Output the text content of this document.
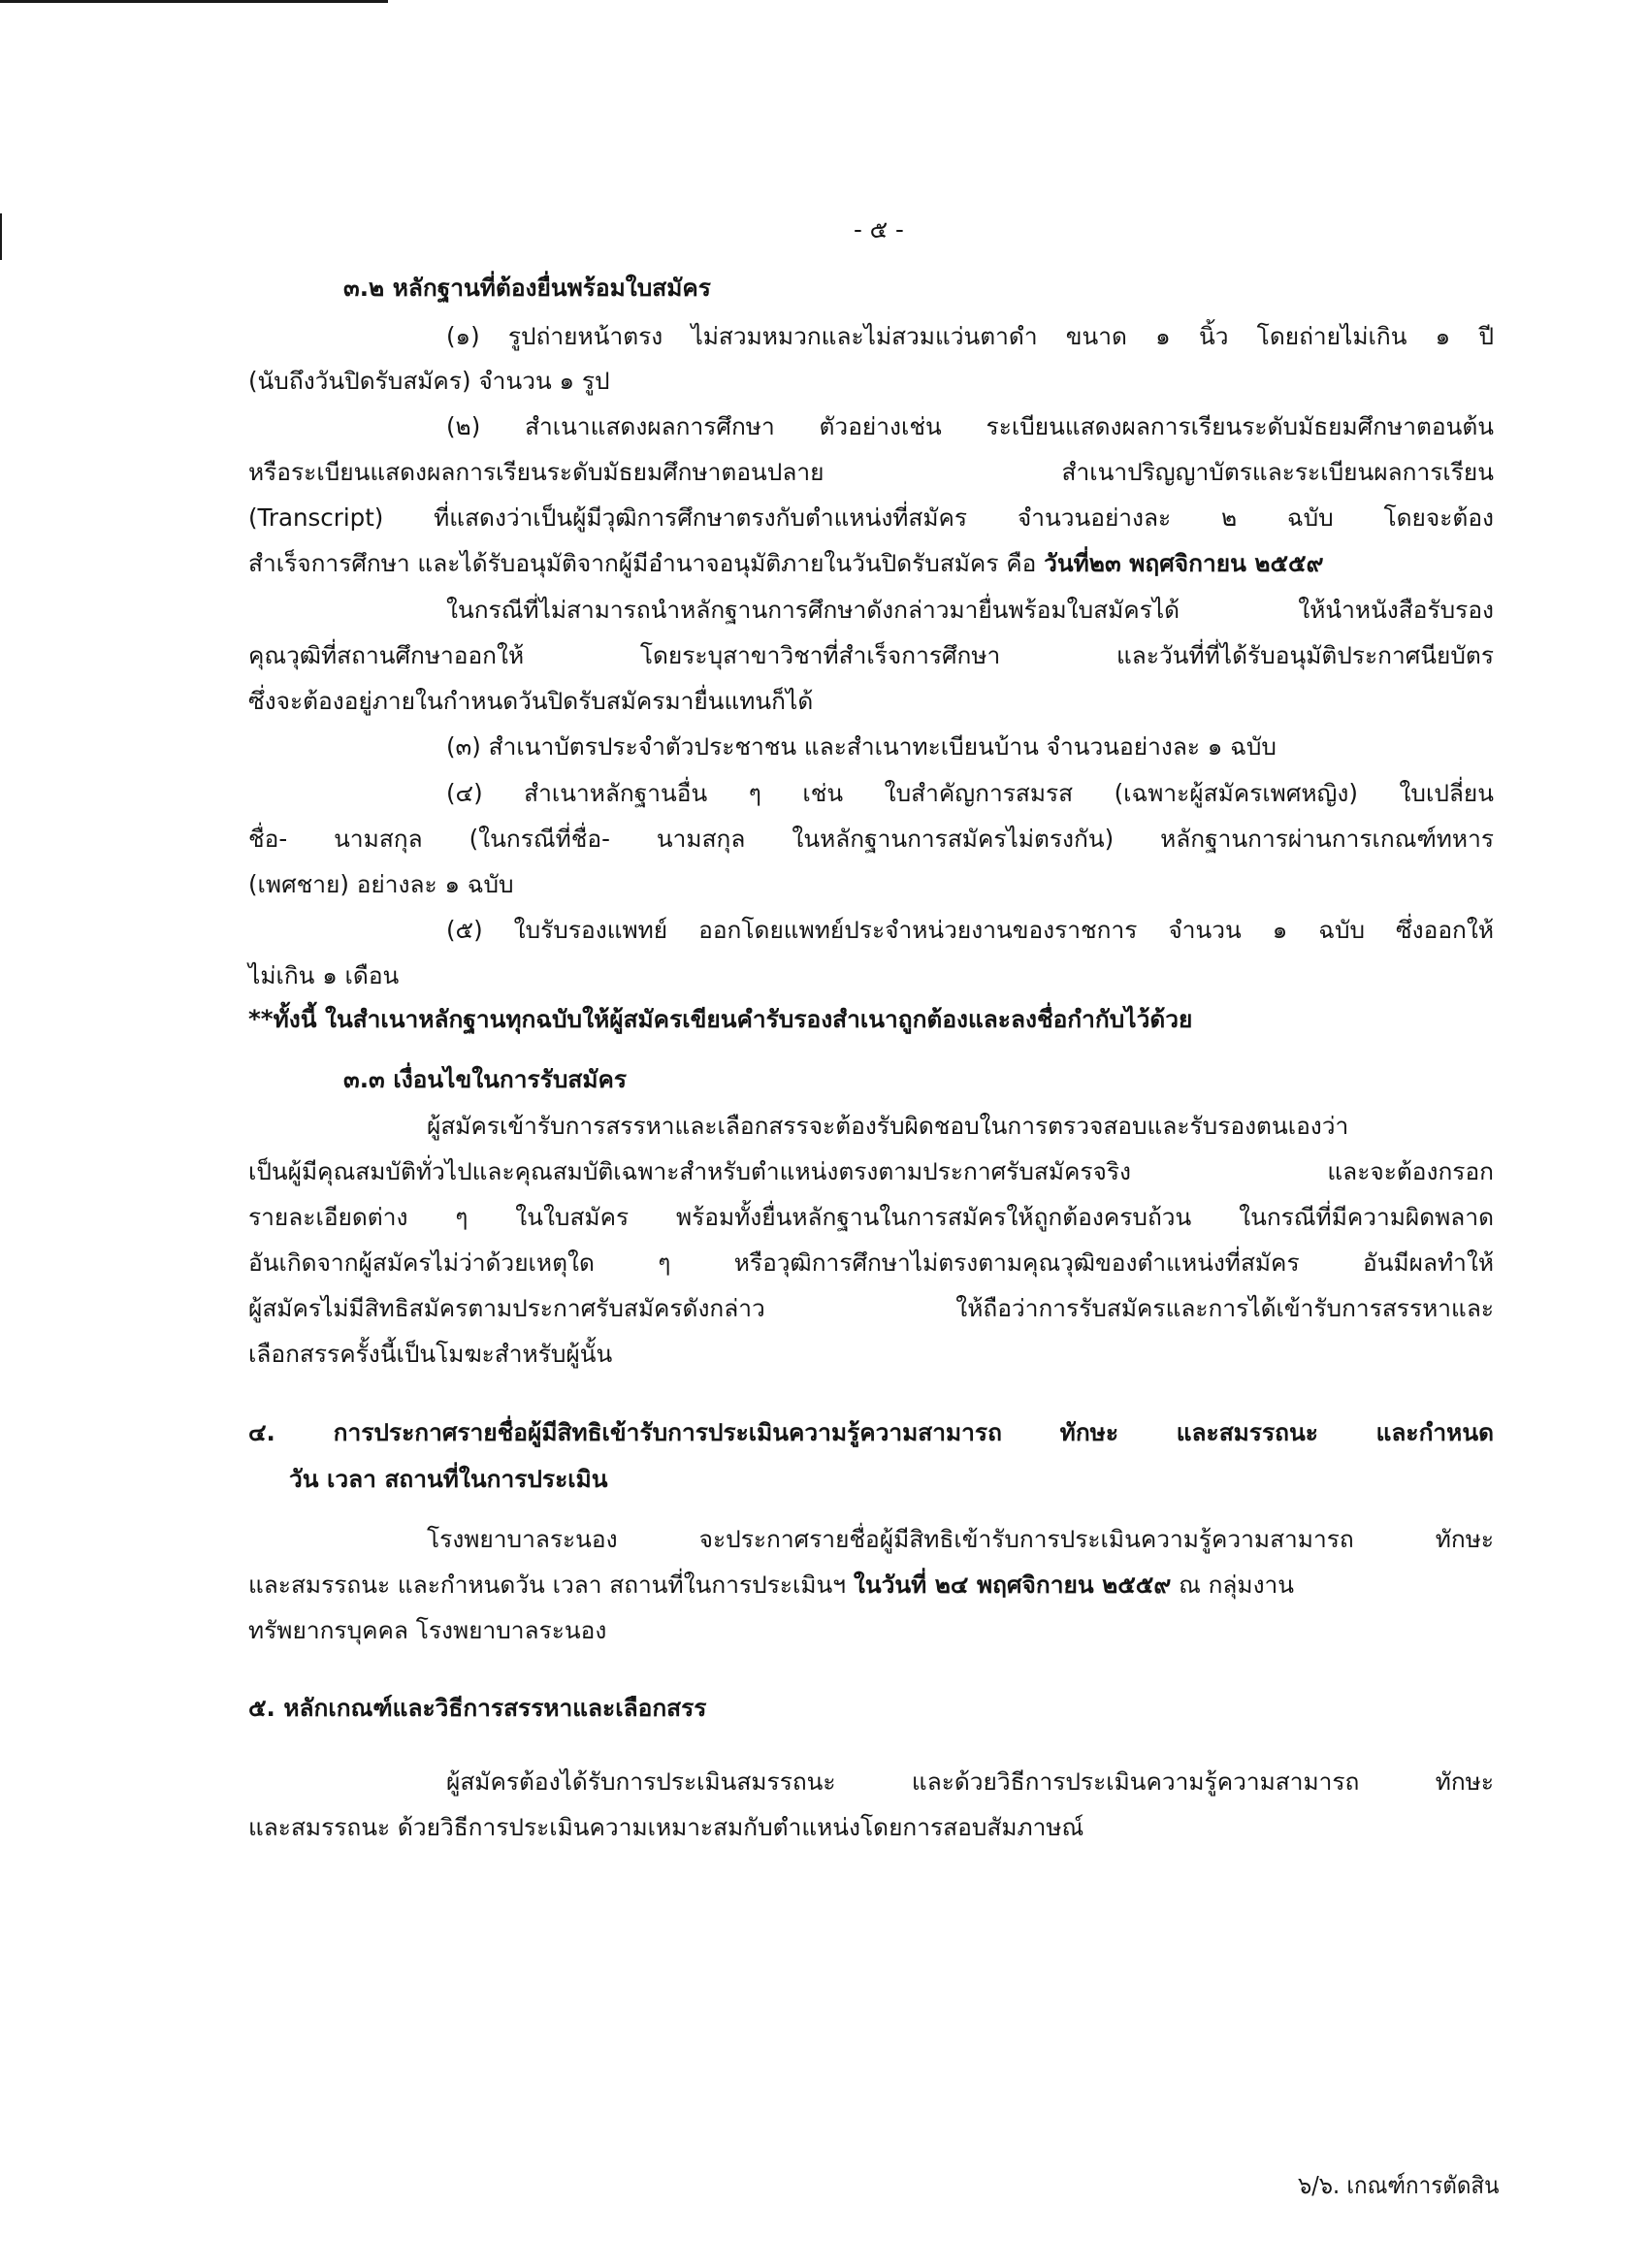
- ๕ -
๓.๒ หลักฐานที่ต้องยื่นพร้อมใบสมัคร
(๑) รูปถ่ายหน้าตรง ไม่สวมหมวกและไม่สวมแว่นตาดำ ขนาด ๑ นิ้ว โดยถ่ายไม่เกิน ๑ ปี
(นับถึงวันปิดรับสมัคร) จำนวน ๑ รูป
(๒) สำเนาแสดงผลการศึกษา ตัวอย่างเช่น ระเบียนแสดงผลการเรียนระดับมัธยมศึกษาตอนต้น
หรือระเบียนแสดงผลการเรียนระดับมัธยมศึกษาตอนปลาย สำเนาปริญญาบัตรและระเบียนผลการเรียน
(Transcript) ที่แสดงว่าเป็นผู้มีวุฒิการศึกษาตรงกับตำแหน่งที่สมัคร จำนวนอย่างละ ๒ ฉบับ โดยจะต้อง
สำเร็จการศึกษา และได้รับอนุมัติจากผู้มีอำนาจอนุมัติภายในวันปิดรับสมัคร คือ วันที่๒๓ พฤศจิกายน ๒๕๕๙
ในกรณีที่ไม่สามารถนำหลักฐานการศึกษาดังกล่าวมายื่นพร้อมใบสมัครได้ ให้นำหนังสือรับรอง
คุณวุฒิที่สถานศึกษาออกให้ โดยระบุสาขาวิชาที่สำเร็จการศึกษา และวันที่ที่ได้รับอนุมัติประกาศนียบัตร
ซึ่งจะต้องอยู่ภายในกำหนดวันปิดรับสมัครมายื่นแทนก็ได้
(๓) สำเนาบัตรประจำตัวประชาชน และสำเนาทะเบียนบ้าน จำนวนอย่างละ ๑ ฉบับ
(๔) สำเนาหลักฐานอื่น ๆ เช่น ใบสำคัญการสมรส (เฉพาะผู้สมัครเพศหญิง) ใบเปลี่ยน
ชื่อ- นามสกุล (ในกรณีที่ชื่อ- นามสกุล ในหลักฐานการสมัครไม่ตรงกัน) หลักฐานการผ่านการเกณฑ์ทหาร
(เพศชาย) อย่างละ ๑ ฉบับ
(๕) ใบรับรองแพทย์ ออกโดยแพทย์ประจำหน่วยงานของราชการ จำนวน ๑ ฉบับ ซึ่งออกให้
ไม่เกิน ๑ เดือน
**ทั้งนี้ ในสำเนาหลักฐานทุกฉบับให้ผู้สมัครเขียนคำรับรองสำเนาถูกต้องและลงชื่อกำกับไว้ด้วย
๓.๓ เงื่อนไขในการรับสมัคร
ผู้สมัครเข้ารับการสรรหาและเลือกสรรจะต้องรับผิดชอบในการตรวจสอบและรับรองตนเองว่า
เป็นผู้มีคุณสมบัติทั่วไปและคุณสมบัติเฉพาะสำหรับตำแหน่งตรงตามประกาศรับสมัครจริง และจะต้องกรอก
รายละเอียดต่าง ๆ ในใบสมัคร พร้อมทั้งยื่นหลักฐานในการสมัครให้ถูกต้องครบถ้วน ในกรณีที่มีความผิดพลาด
อันเกิดจากผู้สมัครไม่ว่าด้วยเหตุใด ๆ หรือวุฒิการศึกษาไม่ตรงตามคุณวุฒิของตำแหน่งที่สมัคร อันมีผลทำให้
ผู้สมัครไม่มีสิทธิสมัครตามประกาศรับสมัครดังกล่าว ให้ถือว่าการรับสมัครและการได้เข้ารับการสรรหาและ
เลือกสรรครั้งนี้เป็นโมฆะสำหรับผู้นั้น
๔. การประกาศรายชื่อผู้มีสิทธิเข้ารับการประเมินความรู้ความสามารถ ทักษะ และสมรรถนะ และกำหนด
วัน เวลา สถานที่ในการประเมิน
โรงพยาบาลระนอง จะประกาศรายชื่อผู้มีสิทธิเข้ารับการประเมินความรู้ความสามารถ ทักษะ
และสมรรถนะ และกำหนดวัน เวลา สถานที่ในการประเมินฯ ในวันที่ ๒๔ พฤศจิกายน ๒๕๕๙ ณ กลุ่มงาน
ทรัพยากรบุคคล โรงพยาบาลระนอง
๕. หลักเกณฑ์และวิธีการสรรหาและเลือกสรร
ผู้สมัครต้องได้รับการประเมินสมรรถนะ และด้วยวิธีการประเมินความรู้ความสามารถ ทักษะ
และสมรรถนะ ด้วยวิธีการประเมินความเหมาะสมกับตำแหน่งโดยการสอบสัมภาษณ์
๖/๖. เกณฑ์การตัดสิน
